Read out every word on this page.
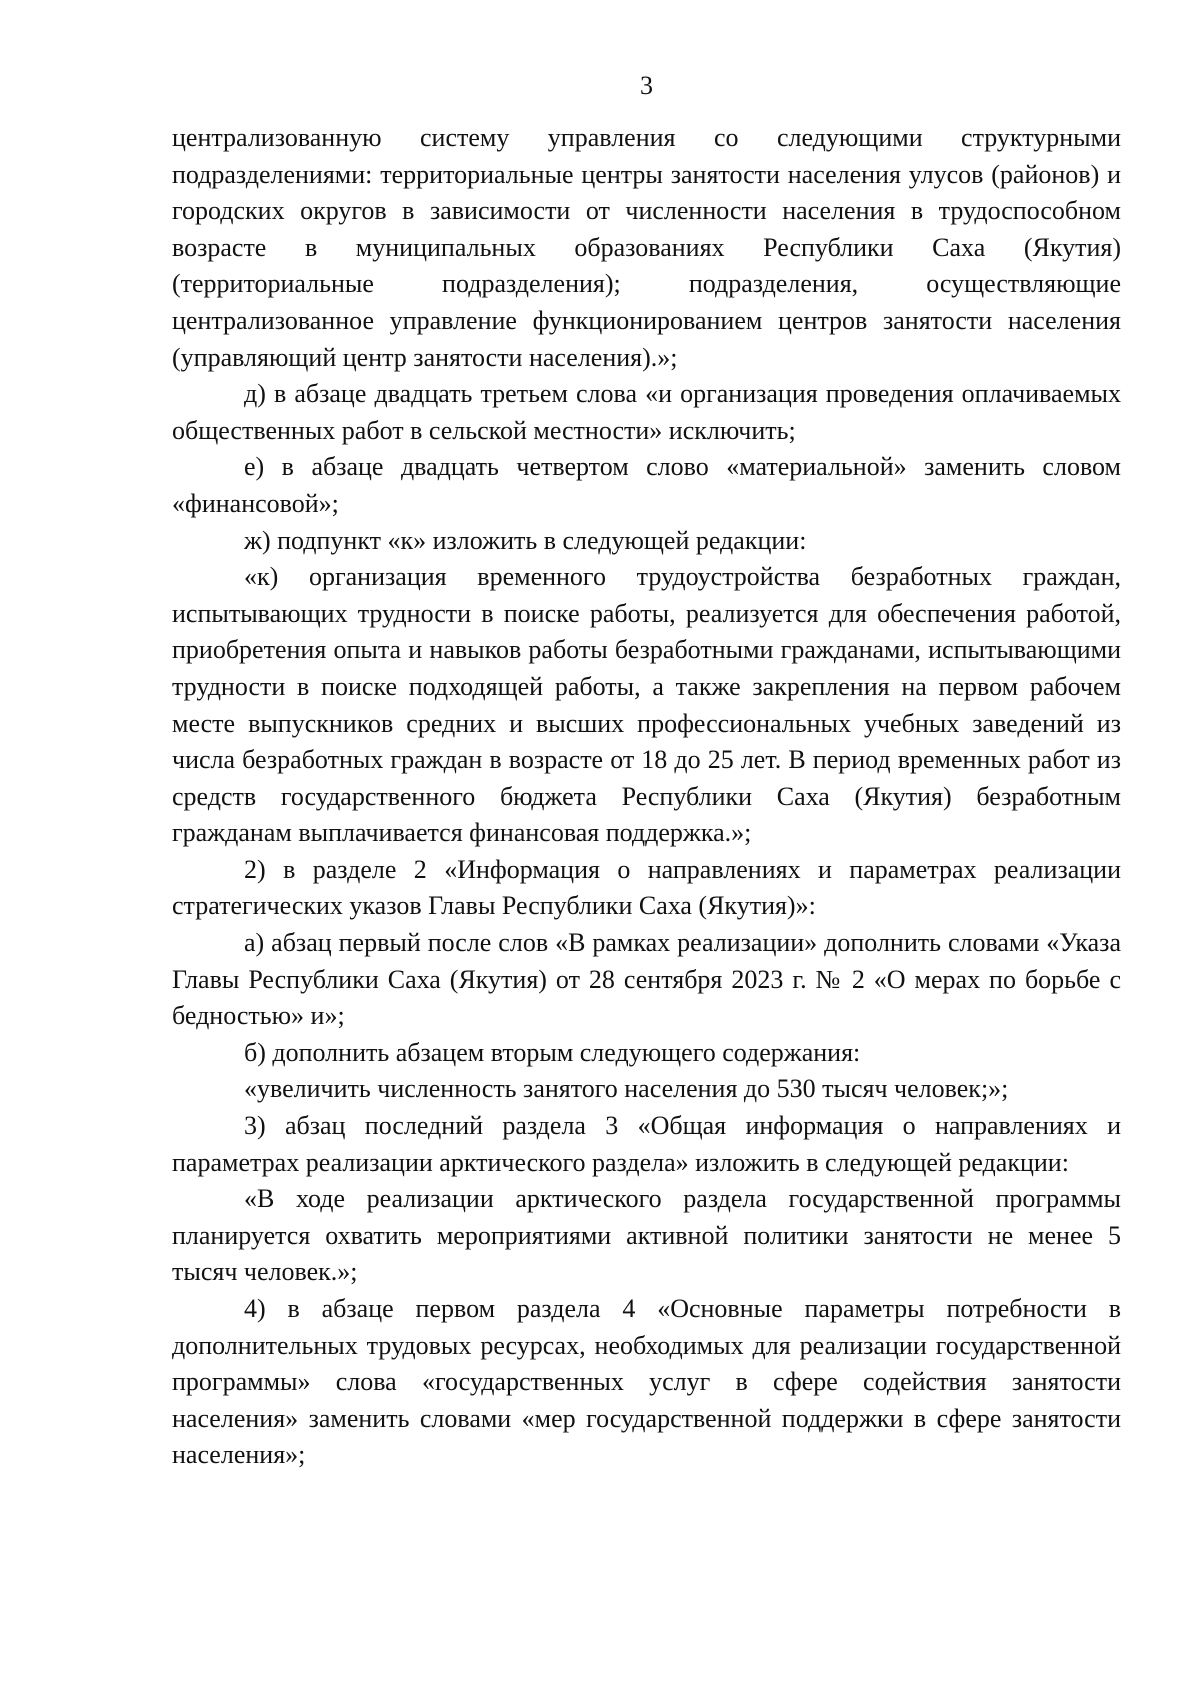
3

централизованную систему управления со следующими структурными подразделениями: территориальные центры занятости населения улусов (районов) и городских округов в зависимости от численности населения в трудоспособном возрасте в муниципальных образованиях Республики Саха (Якутия) (территориальные подразделения); подразделения, осуществляющие централизованное управление функционированием центров занятости населения (управляющий центр занятости населения).»;

д) в абзаце двадцать третьем слова «и организация проведения оплачиваемых общественных работ в сельской местности» исключить;

е) в абзаце двадцать четвертом слово «материальной» заменить словом «финансовой»;

ж) подпункт «к» изложить в следующей редакции:

«к) организация временного трудоустройства безработных граждан, испытывающих трудности в поиске работы, реализуется для обеспечения работой, приобретения опыта и навыков работы безработными гражданами, испытывающими трудности в поиске подходящей работы, а также закрепления на первом рабочем месте выпускников средних и высших профессиональных учебных заведений из числа безработных граждан в возрасте от 18 до 25 лет. В период временных работ из средств государственного бюджета Республики Саха (Якутия) безработным гражданам выплачивается финансовая поддержка.»;

2) в разделе 2 «Информация о направлениях и параметрах реализации стратегических указов Главы Республики Саха (Якутия)»:

а) абзац первый после слов «В рамках реализации» дополнить словами «Указа Главы Республики Саха (Якутия) от 28 сентября 2023 г. № 2 «О мерах по борьбе с бедностью» и»;

б) дополнить абзацем вторым следующего содержания:

«увеличить численность занятого населения до 530 тысяч человек;»;

3) абзац последний раздела 3 «Общая информация о направлениях и параметрах реализации арктического раздела» изложить в следующей редакции:

«В ходе реализации арктического раздела государственной программы планируется охватить мероприятиями активной политики занятости не менее 5 тысяч человек.»;

4) в абзаце первом раздела 4 «Основные параметры потребности в дополнительных трудовых ресурсах, необходимых для реализации государственной программы» слова «государственных услуг в сфере содействия занятости населения» заменить словами «мер государственной поддержки в сфере занятости населения»;
